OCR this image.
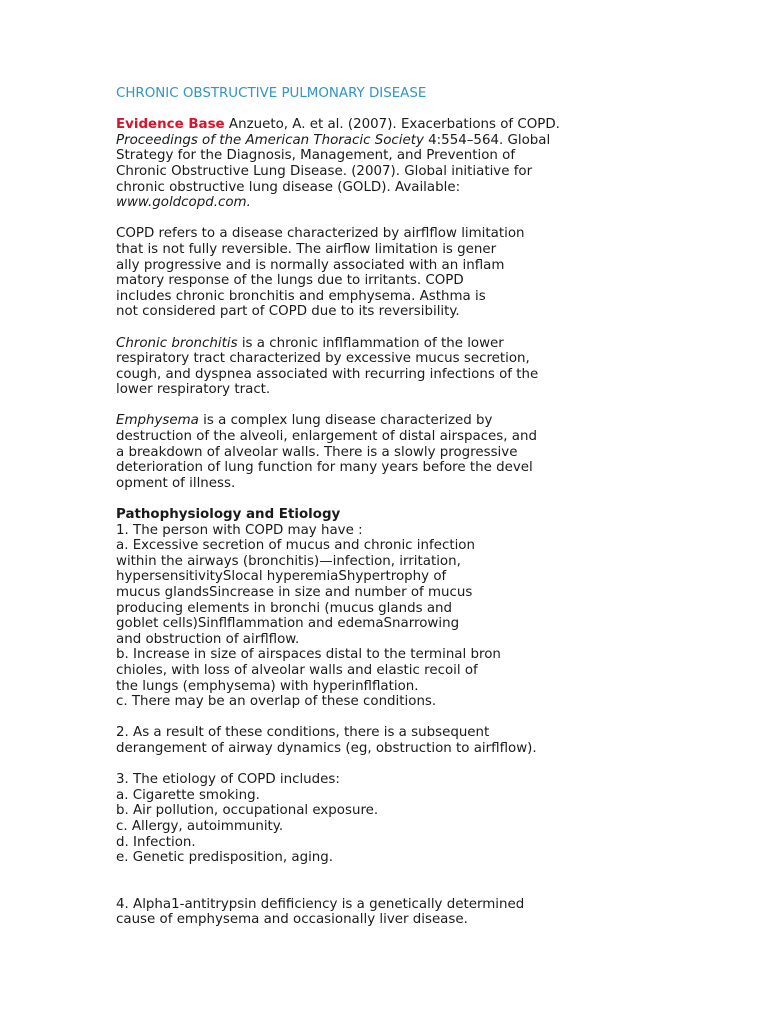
CHRONIC OBSTRUCTIVE PULMONARY DISEASE
Evidence Base Anzueto, A. et al. (2007). Exacerbations of COPD.
Proceedings of the American Thoracic Society 4:554–564. Global
Strategy for the Diagnosis, Management, and Prevention of
Chronic Obstructive Lung Disease. (2007). Global initiative for
chronic obstructive lung disease (GOLD). Available:
www.goldcopd.com.
COPD refers to a disease characterized by airflflow limitation
that is not fully reversible. The airflow limitation is gener
ally progressive and is normally associated with an inflam
matory response of the lungs due to irritants. COPD
includes chronic bronchitis and emphysema. Asthma is
not considered part of COPD due to its reversibility.
Chronic bronchitis is a chronic inflflammation of the lower
respiratory tract characterized by excessive mucus secretion,
cough, and dyspnea associated with recurring infections of the
lower respiratory tract.
Emphysema is a complex lung disease characterized by
destruction of the alveoli, enlargement of distal airspaces, and
a breakdown of alveolar walls. There is a slowly progressive
deterioration of lung function for many years before the devel
opment of illness.
Pathophysiology and Etiology
1. The person with COPD may have :
a. Excessive secretion of mucus and chronic infection
within the airways (bronchitis)—infection, irritation,
hypersensitivitySlocal hyperemiaShypertrophy of
mucus glandsSincrease in size and number of mucus
producing elements in bronchi (mucus glands and
goblet cells)Sinflflammation and edemaSnarrowing
and obstruction of airflflow.
b. Increase in size of airspaces distal to the terminal bron
chioles, with loss of alveolar walls and elastic recoil of
the lungs (emphysema) with hyperinflflation.
c. There may be an overlap of these conditions.
2. As a result of these conditions, there is a subsequent
derangement of airway dynamics (eg, obstruction to airflflow).
3. The etiology of COPD includes:
a. Cigarette smoking.
b. Air pollution, occupational exposure.
c. Allergy, autoimmunity.
d. Infection.
e. Genetic predisposition, aging.
4. Alpha1-antitrypsin defificiency is a genetically determined
cause of emphysema and occasionally liver disease.
